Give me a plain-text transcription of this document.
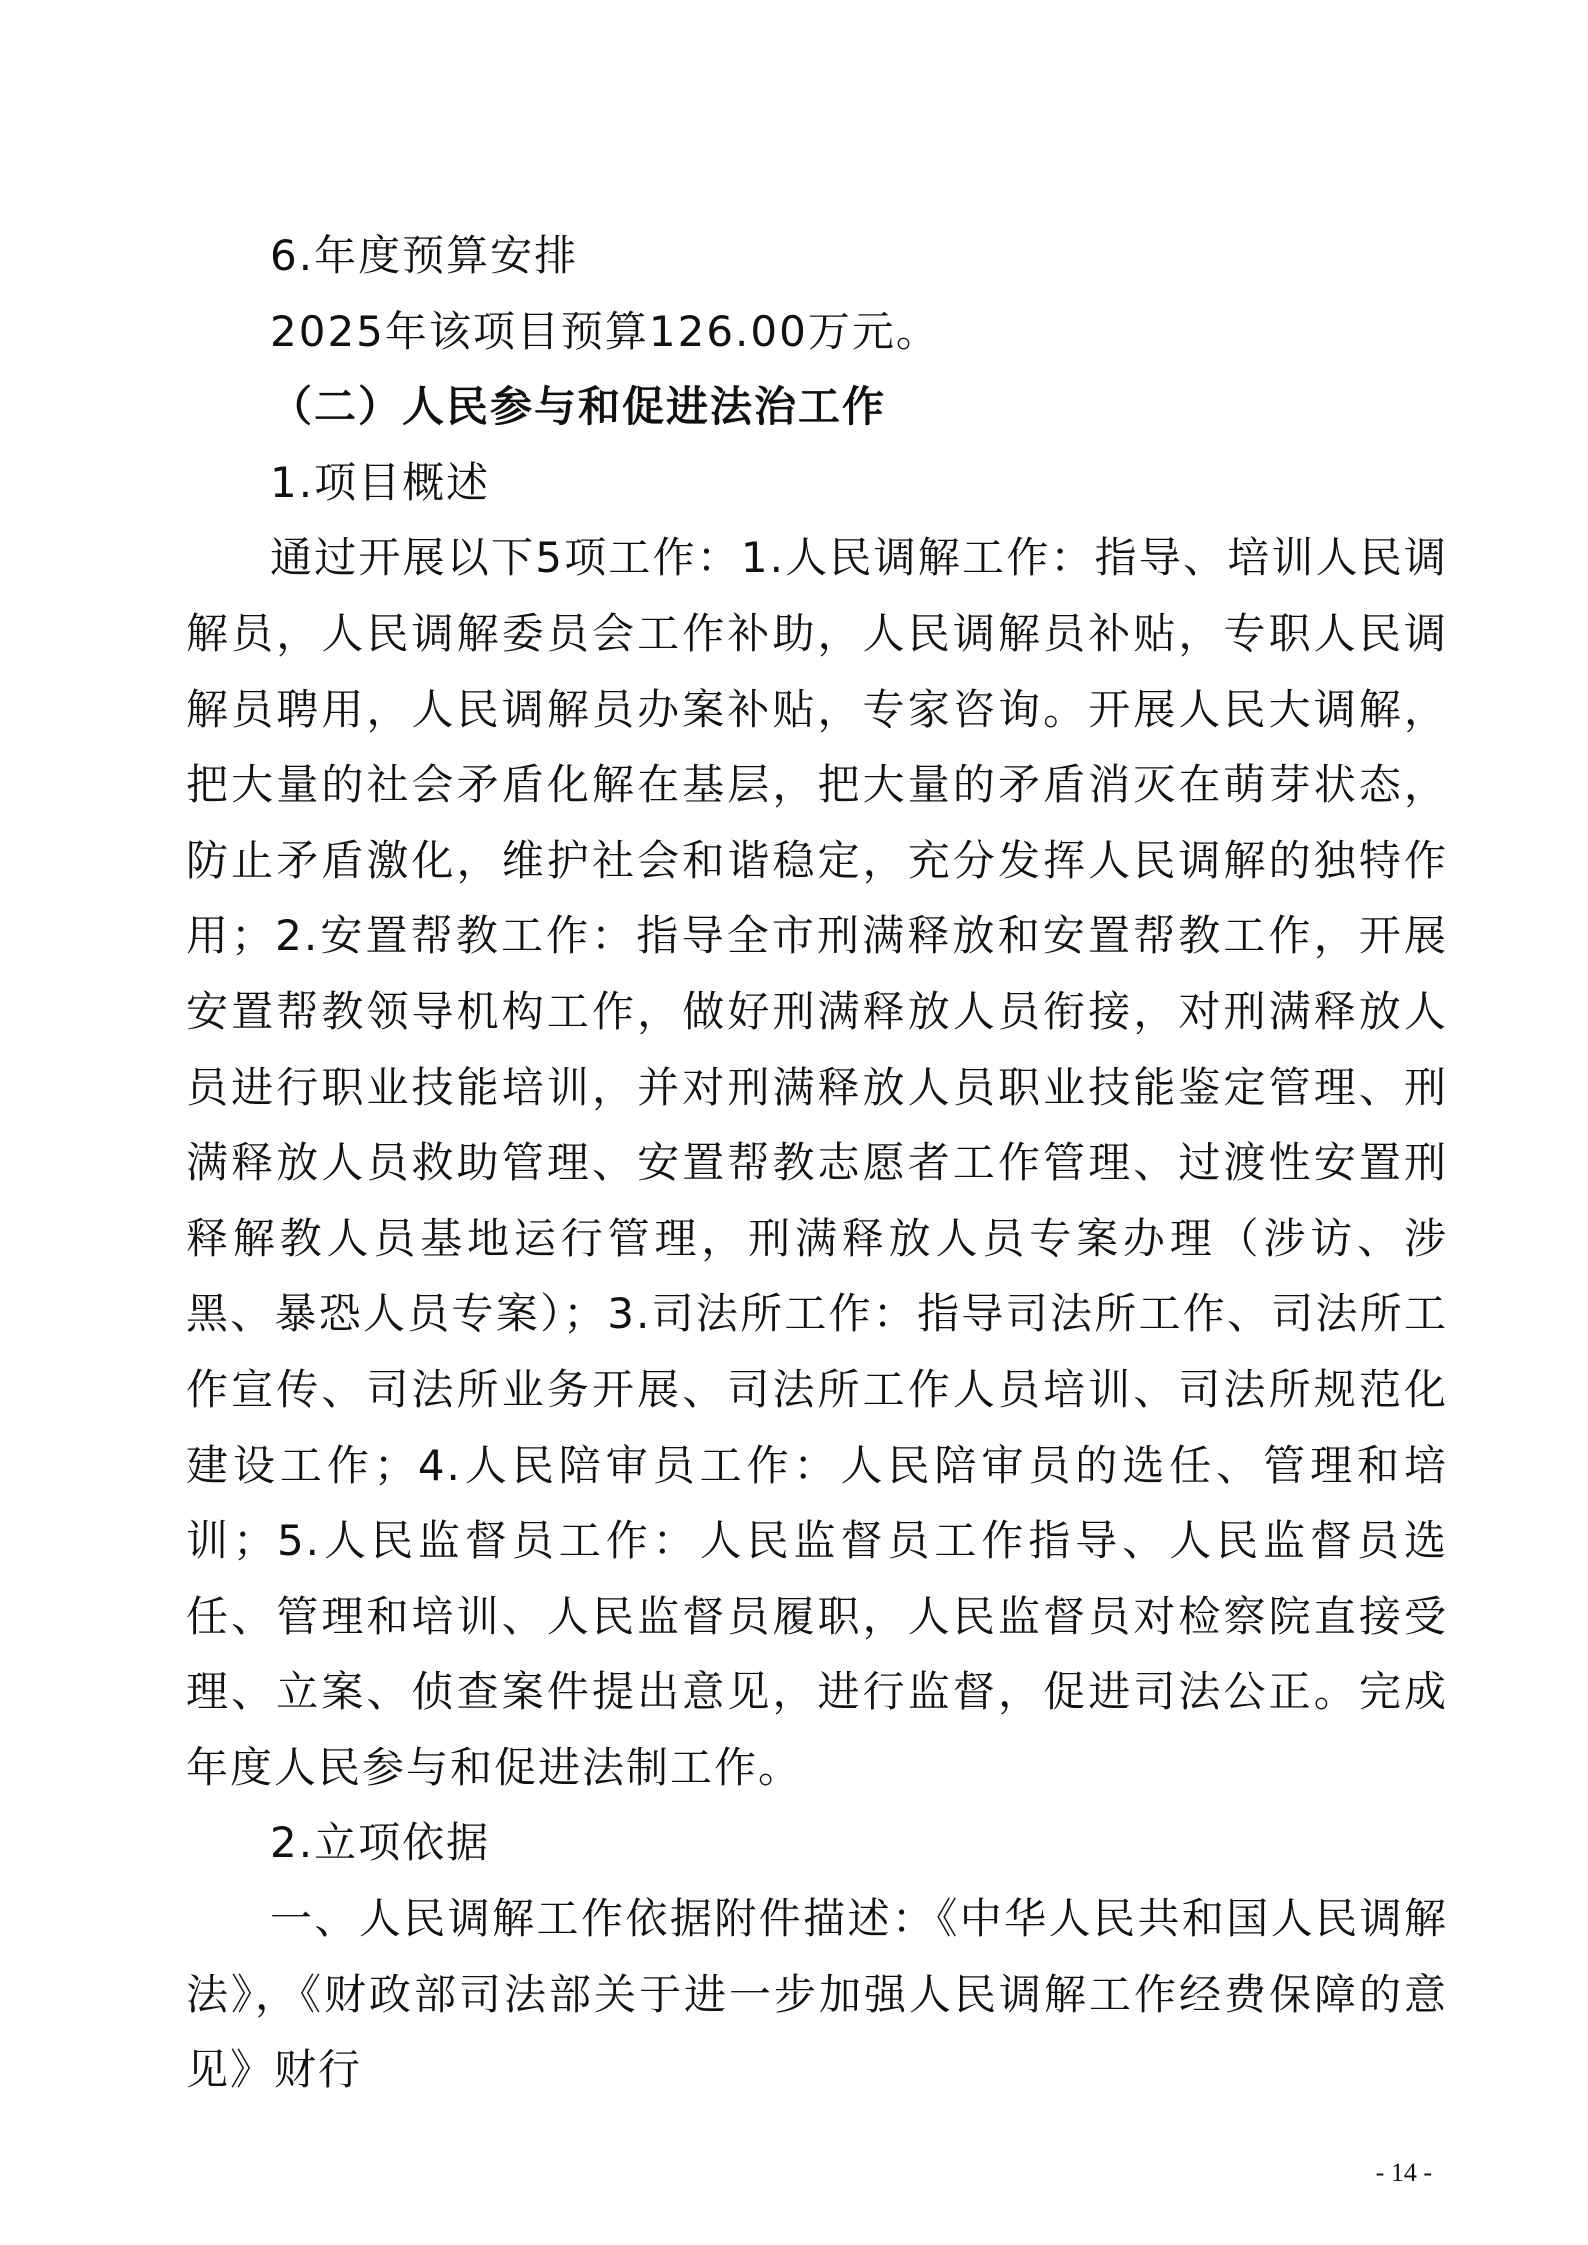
6.年度预算安排

2025年该项目预算126.00万元。

（二）人民参与和促进法治工作

1.项目概述

通过开展以下5项工作：1.人民调解工作：指导、培训人民调解员，人民调解委员会工作补助，人民调解员补贴，专职人民调解员聘用，人民调解员办案补贴，专家咨询。开展人民大调解，把大量的社会矛盾化解在基层，把大量的矛盾消灭在萌芽状态，防止矛盾激化，维护社会和谐稳定，充分发挥人民调解的独特作用；2.安置帮教工作：指导全市刑满释放和安置帮教工作，开展安置帮教领导机构工作，做好刑满释放人员衔接，对刑满释放人员进行职业技能培训，并对刑满释放人员职业技能鉴定管理、刑满释放人员救助管理、安置帮教志愿者工作管理、过渡性安置刑释解教人员基地运行管理，刑满释放人员专案办理（涉访、涉黑、暴恐人员专案）；3.司法所工作：指导司法所工作、司法所工作宣传、司法所业务开展、司法所工作人员培训、司法所规范化建设工作；4.人民陪审员工作：人民陪审员的选任、管理和培训；5.人民监督员工作：人民监督员工作指导、人民监督员选任、管理和培训、人民监督员履职，人民监督员对检察院直接受理、立案、侦查案件提出意见，进行监督，促进司法公正。完成年度人民参与和促进法制工作。

2.立项依据

一、人民调解工作依据附件描述：《中华人民共和国人民调解法》，《财政部司法部关于进一步加强人民调解工作经费保障的意见》财行

- 14 -
